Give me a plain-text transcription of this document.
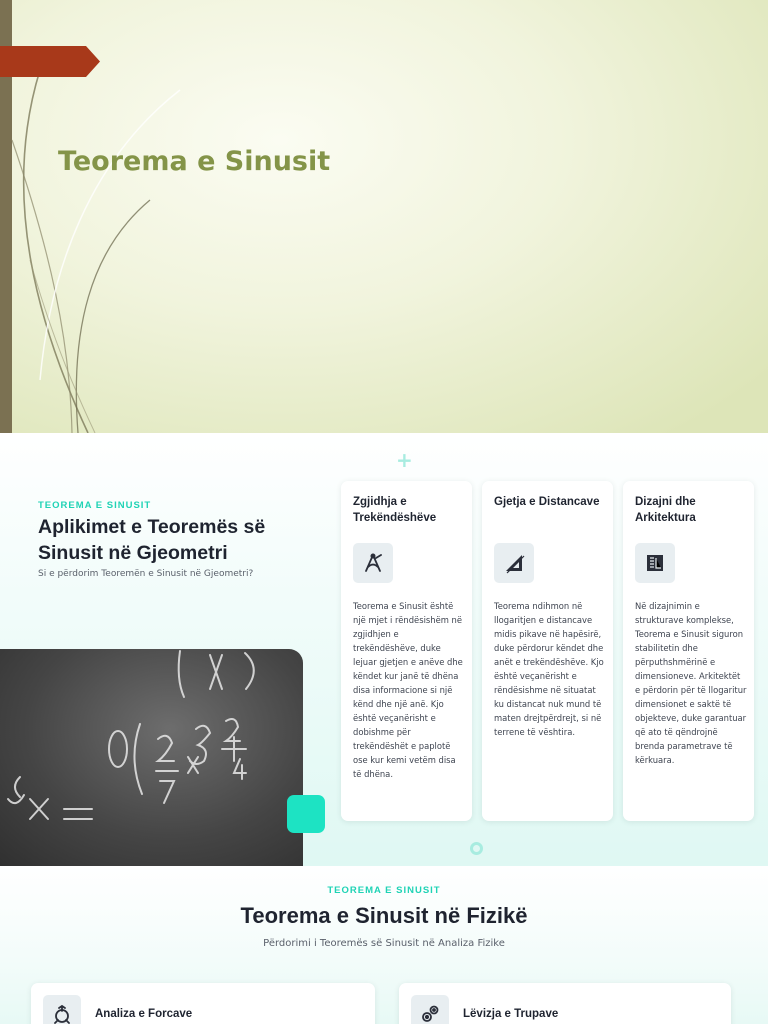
Teorema e Sinusit
+
TEOREMA E SINUSIT
Aplikimet e Teoremës së Sinusit në Gjeometri

Si e përdorim Teoremën e Sinusit në Gjeometri?

Zgjidhja e Trekëndëshëve
Teorema e Sinusit është një mjet i rëndësishëm në zgjidhjen e trekëndëshëve, duke lejuar gjetjen e anëve dhe këndet kur janë të dhëna disa informacione si një kënd dhe një anë. Kjo është veçanërisht e dobishme për trekëndëshët e paplotë ose kur kemi vetëm disa të dhëna.
Gjetja e Distancave
Teorema ndihmon në llogaritjen e distancave midis pikave në hapësirë, duke përdorur këndet dhe anët e trekëndëshëve. Kjo është veçanërisht e rëndësishme në situatat ku distancat nuk mund të maten drejtpërdrejt, si në terrene të vështira.
Dizajni dhe Arkitektura
Në dizajnimin e strukturave komplekse, Teorema e Sinusit siguron stabilitetin dhe përputhshmërinë e dimensioneve. Arkitektët e përdorin për të llogaritur dimensionet e saktë të objekteve, duke garantuar që ato të qëndrojnë brenda parametrave të kërkuara.
TEOREMA E SINUSIT
Teorema e Sinusit në Fizikë

Përdorimi i Teoremës së Sinusit në Analiza Fizike

Analiza e Forcave	Lëvizja e Trupave
